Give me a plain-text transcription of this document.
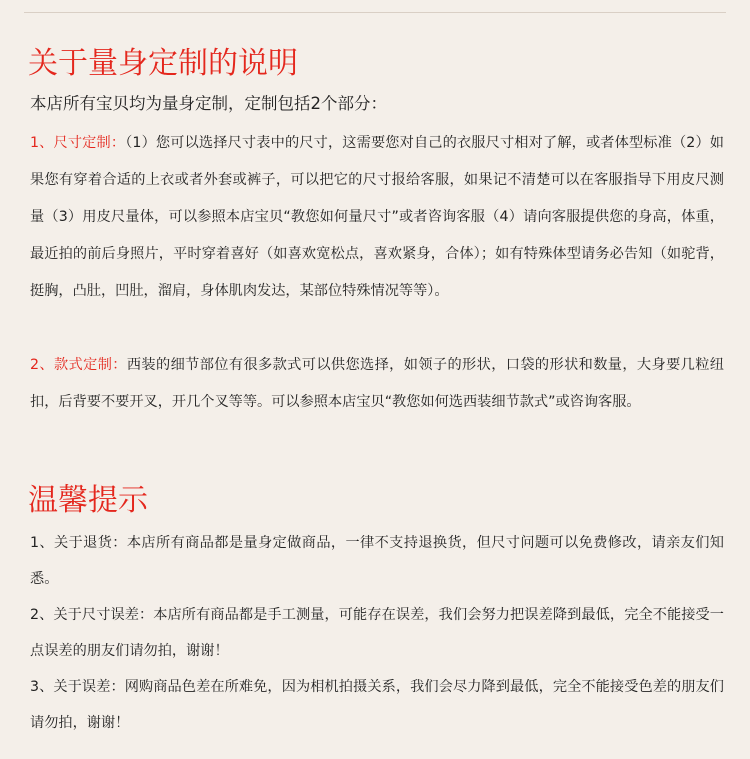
关于量身定制的说明
本店所有宝贝均为量身定制，定制包括2个部分：
1、尺寸定制：（1）您可以选择尺寸表中的尺寸，这需要您对自己的衣服尺寸相对了解，或者体型标准（2）如果您有穿着合适的上衣或者外套或裤子，可以把它的尺寸报给客服，如果记不清楚可以在客服指导下用皮尺测量（3）用皮尺量体，可以参照本店宝贝“教您如何量尺寸”或者咨询客服（4）请向客服提供您的身高，体重，最近拍的前后身照片，平时穿着喜好（如喜欢宽松点，喜欢紧身，合体）；如有特殊体型请务必告知（如驼背，挺胸，凸肚，凹肚，溜肩，身体肌肉发达，某部位特殊情况等等）。
2、款式定制：西装的细节部位有很多款式可以供您选择，如领子的形状，口袋的形状和数量，大身要几粒纽扣，后背要不要开叉，开几个叉等等。可以参照本店宝贝“教您如何选西装细节款式”或咨询客服。
温馨提示
1、关于退货：本店所有商品都是量身定做商品，一律不支持退换货，但尺寸问题可以免费修改，请亲友们知悉。
2、关于尺寸误差：本店所有商品都是手工测量，可能存在误差，我们会努力把误差降到最低，完全不能接受一点误差的朋友们请勿拍，谢谢！
3、关于误差：网购商品色差在所难免，因为相机拍摄关系，我们会尽力降到最低，完全不能接受色差的朋友们请勿拍，谢谢！
